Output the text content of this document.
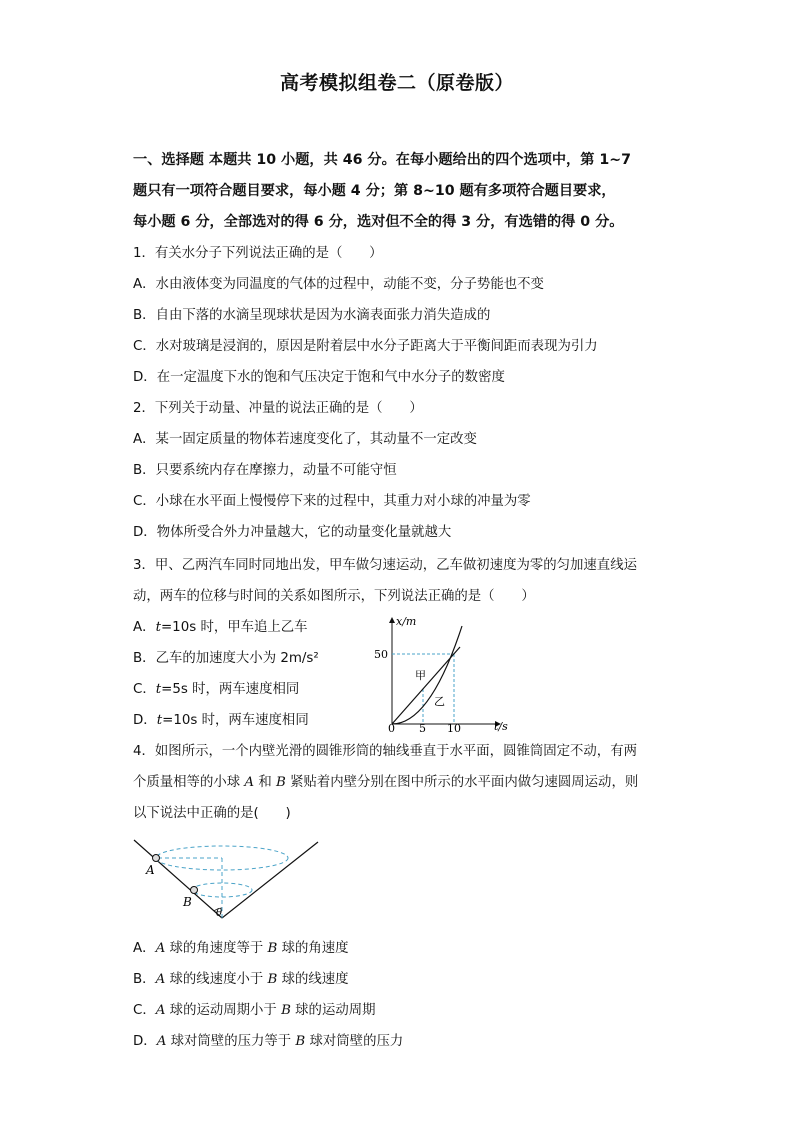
高考模拟组卷二（原卷版）
一、选择题 本题共 10 小题，共 46 分。在每小题给出的四个选项中，第 1~7
题只有一项符合题目要求，每小题 4 分；第 8~10 题有多项符合题目要求，
每小题 6 分，全部选对的得 6 分，选对但不全的得 3 分，有选错的得 0 分。
1．有关水分子下列说法正确的是（　　）
A．水由液体变为同温度的气体的过程中，动能不变，分子势能也不变
B．自由下落的水滴呈现球状是因为水滴表面张力消失造成的
C．水对玻璃是浸润的，原因是附着层中水分子距离大于平衡间距而表现为引力
D．在一定温度下水的饱和气压决定于饱和气中水分子的数密度
2．下列关于动量、冲量的说法正确的是（　　）
A．某一固定质量的物体若速度变化了，其动量不一定改变
B．只要系统内存在摩擦力，动量不可能守恒
C．小球在水平面上慢慢停下来的过程中，其重力对小球的冲量为零
D．物体所受合外力冲量越大，它的动量变化量就越大
3．甲、乙两汽车同时同地出发，甲车做匀速运动，乙车做初速度为零的匀加速直线运
动，两车的位移与时间的关系如图所示，下列说法正确的是（　　）
A．t=10s 时，甲车追上乙车
B．乙车的加速度大小为 2m/s²
C．t=5s 时，两车速度相同
D．t=10s 时，两车速度相同
x/m
t/s
0
50
5 10
甲
乙
4．如图所示，一个内壁光滑的圆锥形筒的轴线垂直于水平面，圆锥筒固定不动，有两
个质量相等的小球 A 和 B 紧贴着内壁分别在图中所示的水平面内做匀速圆周运动，则
以下说法中正确的是(　　)
A
B
θ
A．A 球的角速度等于 B 球的角速度
B．A 球的线速度小于 B 球的线速度
C．A 球的运动周期小于 B 球的运动周期
D．A 球对筒壁的压力等于 B 球对筒壁的压力
